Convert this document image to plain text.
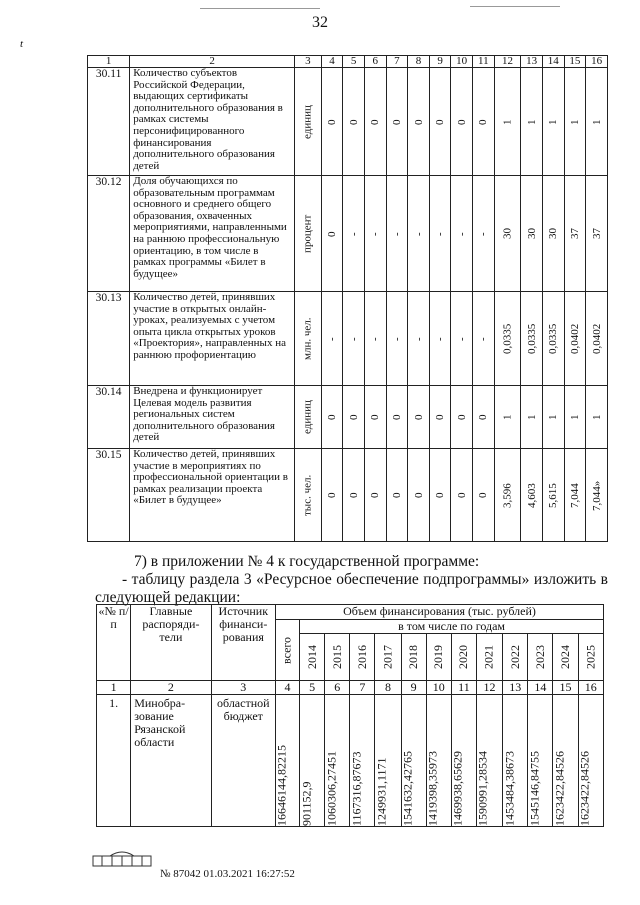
32
t
1	2	3	4	5	6	7	8	9	10	11	12	13	14	15	16
30.11	Количество субъектов Российской Федерации, выдающих сертификаты дополнительного образования в рамках системы персонифицированного финансирования дополнительного образования детей	единиц	0	0	0	0	0	0	0	0	1	1	1	1	1
30.12	Доля обучающихся по образовательным программам основного и среднего общего образования, охваченных мероприятиями, направленными на раннюю профессиональную ориентацию, в том числе в рамках программы «Билет в будущее»	процент	0	-	-	-	-	-	-	-	30	30	30	37	37
30.13	Количество детей, принявших участие в открытых онлайн-уроках, реализуемых с учетом опыта цикла открытых уроков «Проектория», направленных на раннюю профориентацию	млн. чел.	-	-	-	-	-	-	-	-	0,0335	0,0335	0,0335	0,0402	0,0402
30.14	Внедрена и функционирует Целевая модель развития региональных систем дополнительного образования детей	единиц	0	0	0	0	0	0	0	0	1	1	1	1	1
30.15	Количество детей, принявших участие в мероприятиях по профессиональной ориентации в рамках реализации проекта «Билет в будущее»	тыс. чел.	0	0	0	0	0	0	0	0	3,596	4,603	5,615	7,044	7,044»
7) в приложении № 4 к государственной программе:
- таблицу раздела 3 «Ресурсное обеспечение подпрограммы» изложить в
следующей редакции:
«№ п/п	Главные распоряди-тели	Источник финанси-рования	Объем финансирования (тыс. рублей)												
			всего	в том числе по годам											
				2014	2015	2016	2017	2018	2019	2020	2021	2022	2023	2024	2025
1	2	3	4	5	6	7	8	9	10	11	12	13	14	15	16
1.	Минобра-зование Рязанской области	областной бюджет	16646144,82215	901152,9	1060306,27451	1167316,87673	1249931,1171	1541632,42765	1419398,35973	1469938,65629	1590991,28534	1453484,38673	1545146,84755	1623422,84526	1623422,84526
№ 87042 01.03.2021 16:27:52
